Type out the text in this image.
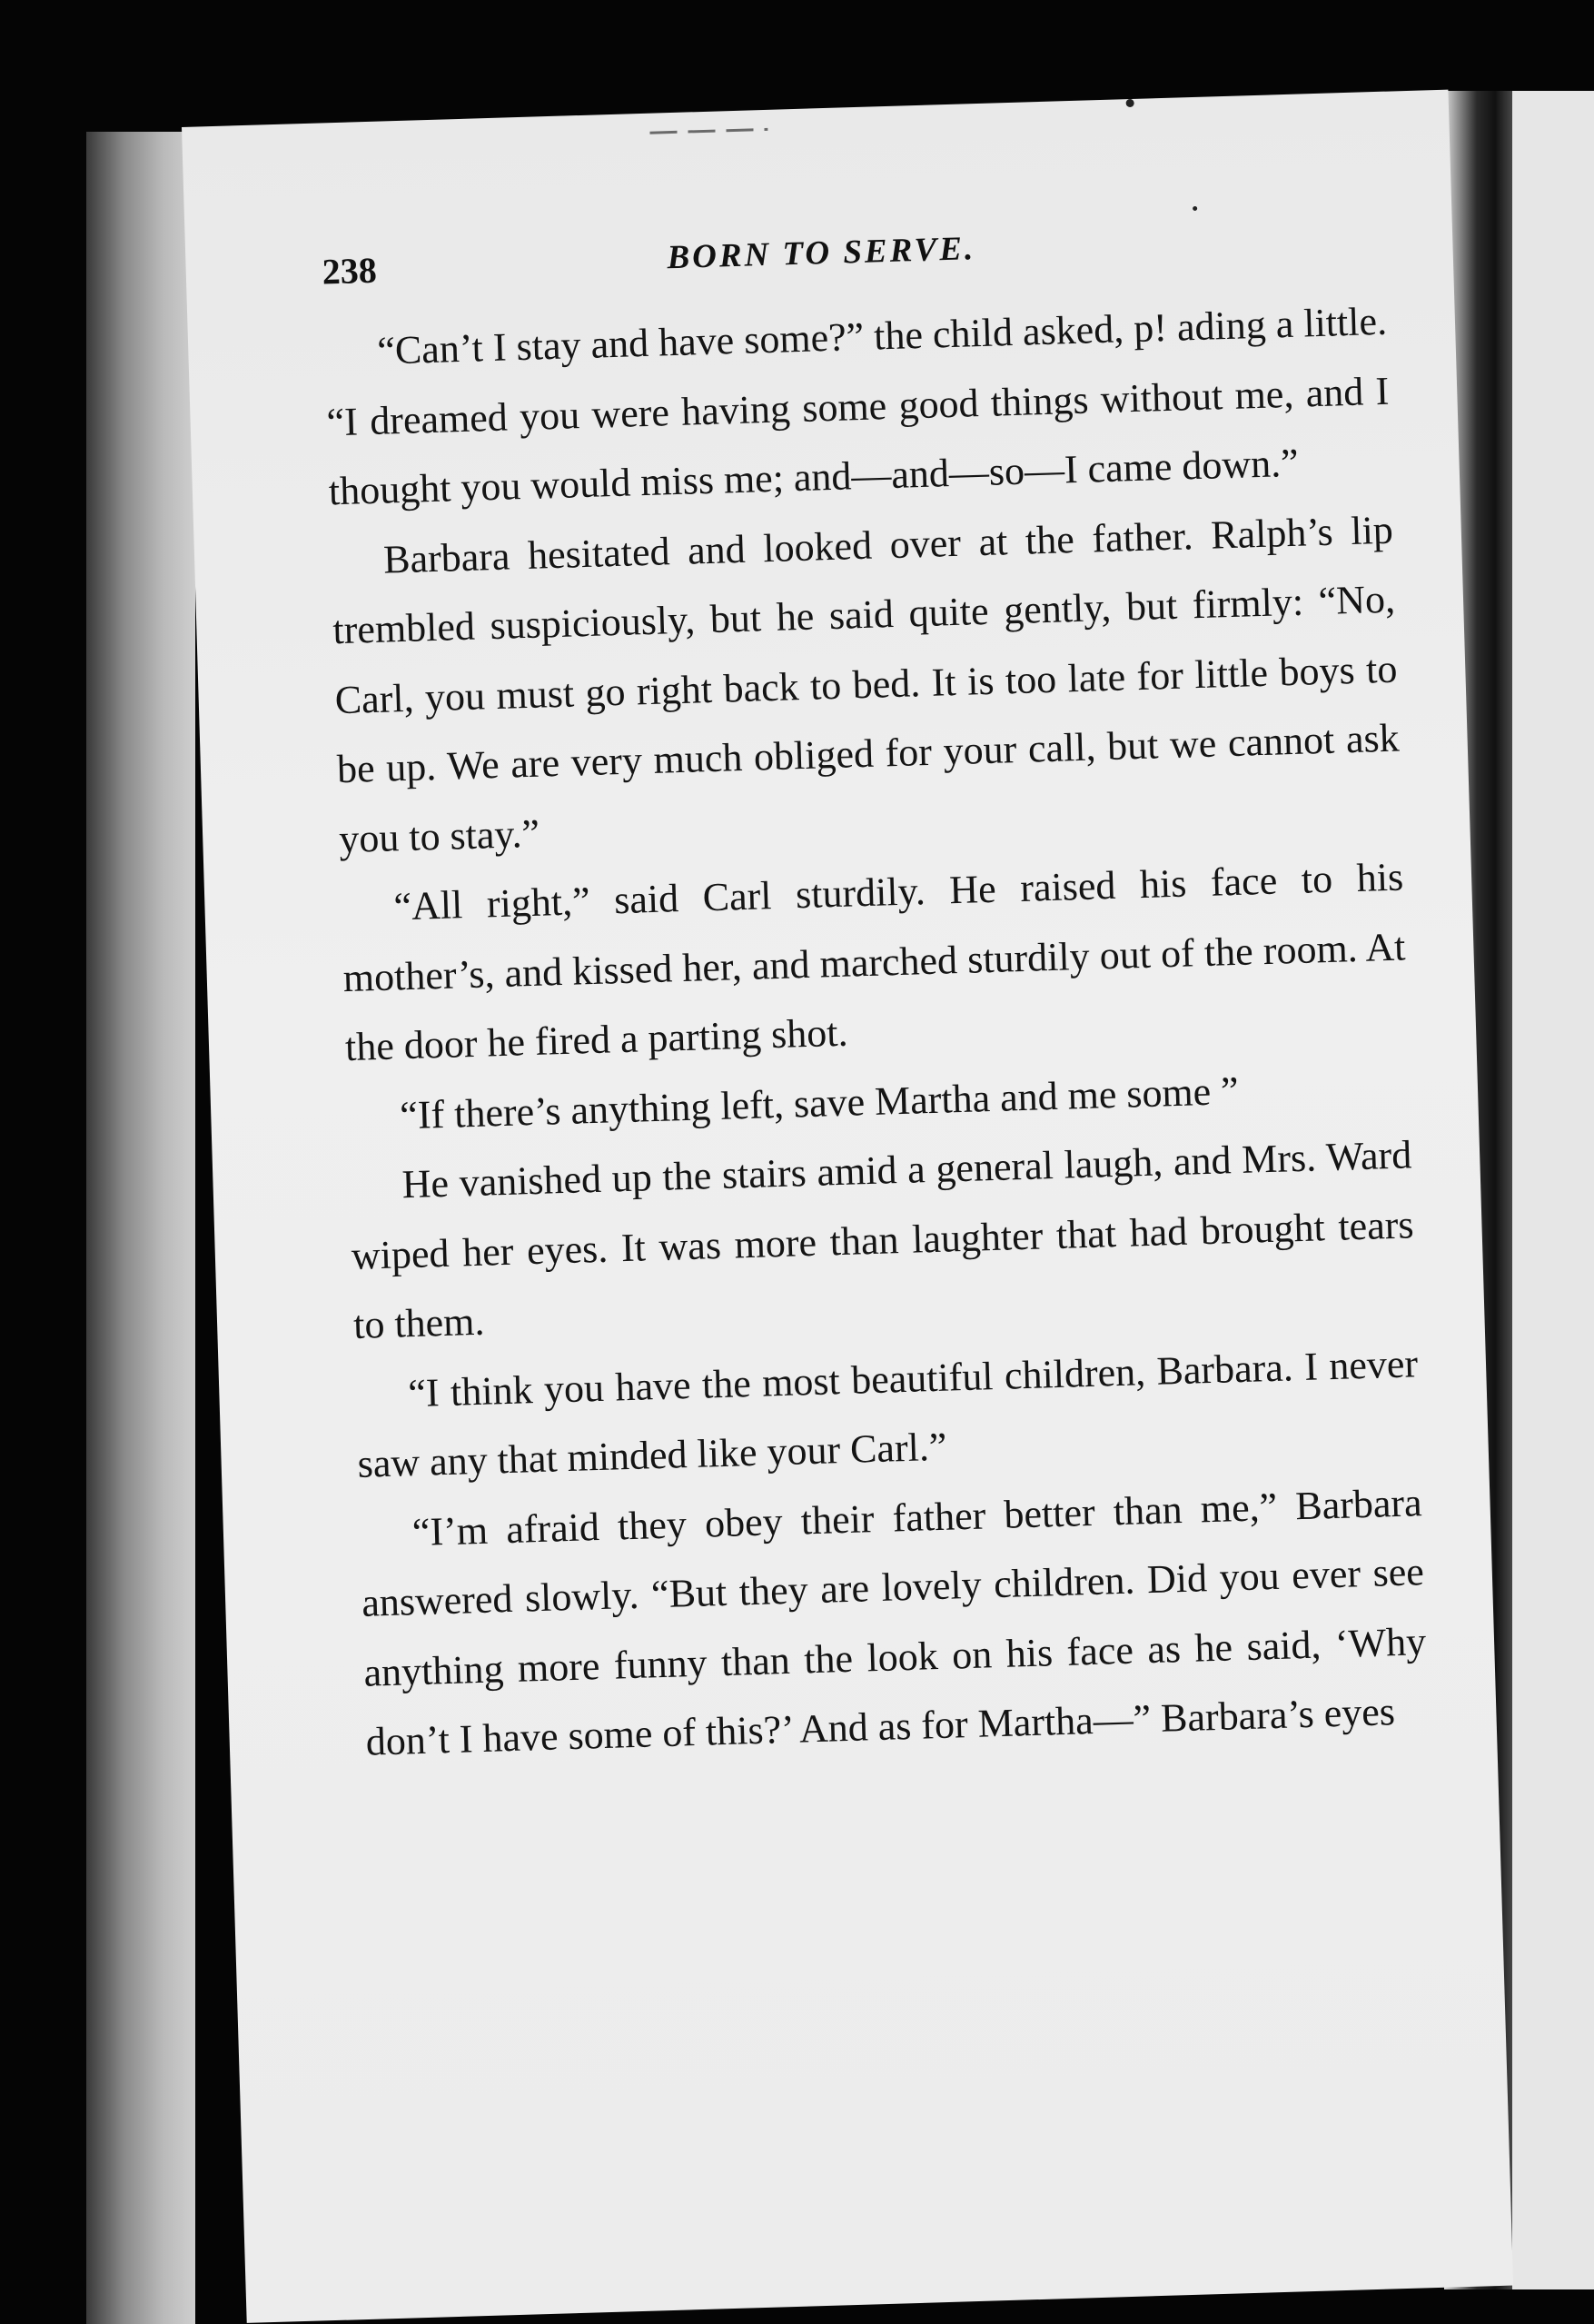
238	BORN TO SERVE.

“Can’t I stay and have some?” the child asked, p! ading a little. “I dreamed you were having some good things without me, and I thought you would miss me; and—and—so—I came down.”

Barbara hesitated and looked over at the father. Ralph’s lip trembled suspiciously, but he said quite gently, but firmly: “No, Carl, you must go right back to bed. It is too late for little boys to be up. We are very much obliged for your call, but we cannot ask you to stay.”

“All right,” said Carl sturdily. He raised his face to his mother’s, and kissed her, and marched sturdily out of the room. At the door he fired a parting shot.

“If there’s anything left, save Martha and me some ”

He vanished up the stairs amid a general laugh, and Mrs. Ward wiped her eyes. It was more than laughter that had brought tears to them.

“I think you have the most beautiful children, Barbara. I never saw any that minded like your Carl.”

“I’m afraid they obey their father better than me,” Barbara answered slowly. “But they are lovely children. Did you ever see anything more funny than the look on his face as he said, ‘Why don’t I have some of this?’ And as for Martha—” Barbara’s eyes
